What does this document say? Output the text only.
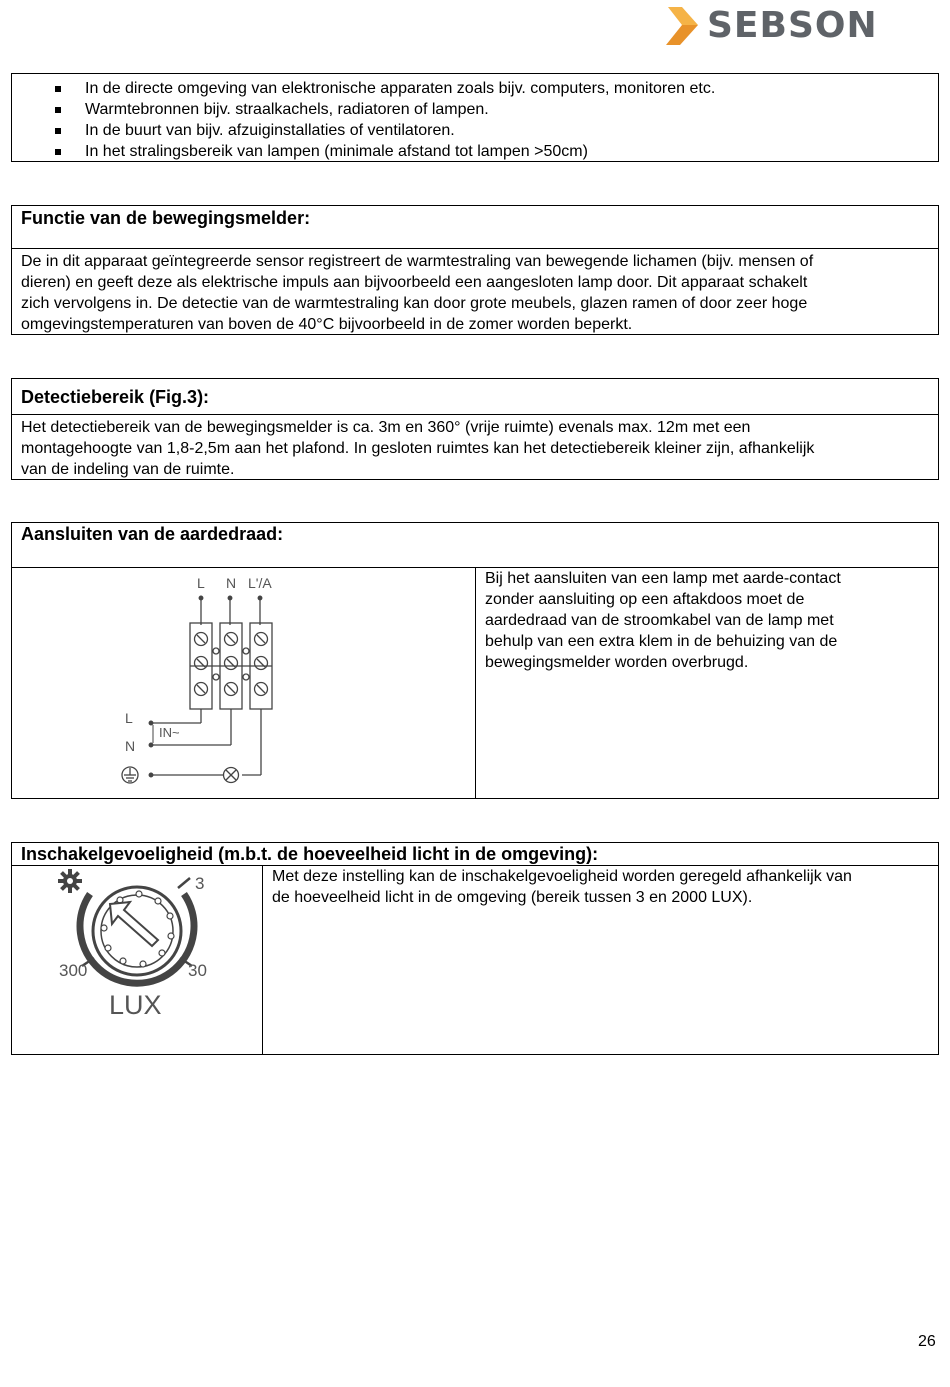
SEBSON
In de directe omgeving van elektronische apparaten zoals bijv. computers, monitoren etc.
Warmtebronnen bijv. straalkachels, radiatoren of lampen.
In de buurt van bijv. afzuiginstallaties of ventilatoren.
In het stralingsbereik van lampen (minimale afstand tot lampen >50cm)
Functie van de bewegingsmelder:
De in dit apparaat geïntegreerde sensor registreert de warmtestraling van bewegende lichamen (bijv. mensen of
dieren) en geeft deze als elektrische impuls aan bijvoorbeeld een aangesloten lamp door. Dit apparaat schakelt
zich vervolgens in. De detectie van de warmtestraling kan door grote meubels, glazen ramen of door zeer hoge
omgevingstemperaturen van boven de 40°C bijvoorbeeld in de zomer worden beperkt.
Detectiebereik (Fig.3):
Het detectiebereik van de bewegingsmelder is ca. 3m en 360° (vrije ruimte) evenals max. 12m met een
montagehoogte van 1,8-2,5m aan het plafond. In gesloten ruimtes kan het detectiebereik kleiner zijn, afhankelijk
van de indeling van de ruimte.
Aansluiten van de aardedraad:
L N L'/A
L
N
IN~
Bij het aansluiten van een lamp met aarde-contact
zonder aansluiting op een aftakdoos moet de
aardedraad van de stroomkabel van de lamp met
behulp van een extra klem in de behuizing van de
bewegingsmelder worden overbrugd.
Inschakelgevoeligheid (m.b.t. de hoeveelheid licht in de omgeving):
3
300	30
LUX
Met deze instelling kan de inschakelgevoeligheid worden geregeld afhankelijk van
de hoeveelheid licht in de omgeving (bereik tussen 3 en 2000 LUX).
26
